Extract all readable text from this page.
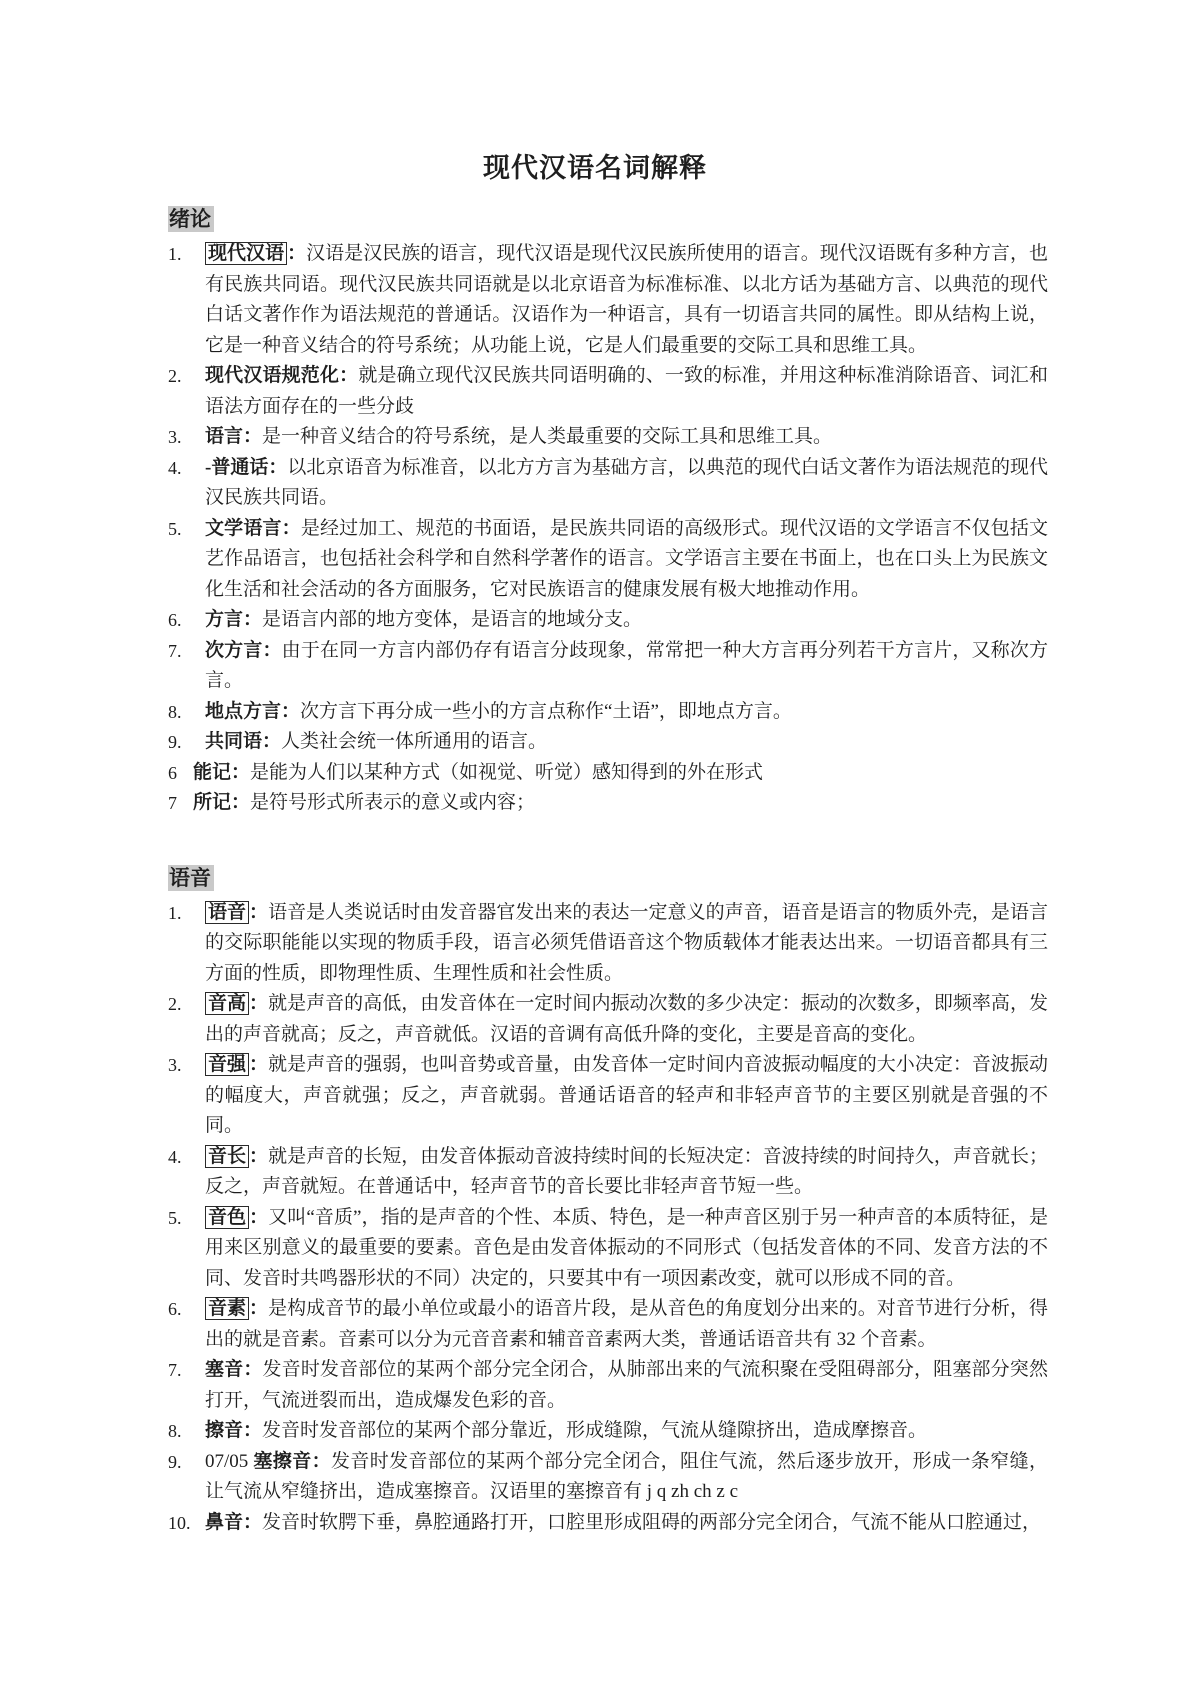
现代汉语名词解释
绪论
1.	现代汉语 ：汉语是汉民族的语言，现代汉语是现代汉民族所使用的语言。现代汉语既有多种方言，也有民族共同语。现代汉民族共同语就是以北京语音为标准标准、以北方话为基础方言、以典范的现代白话文著作作为语法规范的普通话。汉语作为一种语言，具有一切语言共同的属性。即从结构上说，它是一种音义结合的符号系统；从功能上说，它是人们最重要的交际工具和思维工具。
2.	现代汉语规范化：就是确立现代汉民族共同语明确的、一致的标准，并用这种标准消除语音、词汇和语法方面存在的一些分歧
3.	语言：是一种音义结合的符号系统，是人类最重要的交际工具和思维工具。
4.	-普通话：以北京语音为标准音，以北方方言为基础方言，以典范的现代白话文著作为语法规范的现代汉民族共同语。
5.	文学语言：是经过加工、规范的书面语，是民族共同语的高级形式。现代汉语的文学语言不仅包括文艺作品语言，也包括社会科学和自然科学著作的语言。文学语言主要在书面上，也在口头上为民族文化生活和社会活动的各方面服务，它对民族语言的健康发展有极大地推动作用。
6.	方言：是语言内部的地方变体，是语言的地域分支。
7.	次方言：由于在同一方言内部仍存有语言分歧现象，常常把一种大方言再分列若干方言片，又称次方言。
8.	地点方言：次方言下再分成一些小的方言点称作“土语”，即地点方言。
9.	共同语：人类社会统一体所通用的语言。
6 能记：是能为人们以某种方式（如视觉、听觉）感知得到的外在形式
7 所记：是符号形式所表示的意义或内容；
语音
1.	语音 ：语音是人类说话时由发音器官发出来的表达一定意义的声音，语音是语言的物质外壳，是语言的交际职能能以实现的物质手段，语言必须凭借语音这个物质载体才能表达出来。一切语音都具有三方面的性质，即物理性质、生理性质和社会性质。
2.	音高 ：就是声音的高低，由发音体在一定时间内振动次数的多少决定：振动的次数多，即频率高，发出的声音就高；反之，声音就低。汉语的音调有高低升降的变化，主要是音高的变化。
3.	音强 ：就是声音的强弱，也叫音势或音量，由发音体一定时间内音波振动幅度的大小决定：音波振动的幅度大，声音就强；反之，声音就弱。普通话语音的轻声和非轻声音节的主要区别就是音强的不同。
4.	音长 ：就是声音的长短，由发音体振动音波持续时间的长短决定：音波持续的时间持久，声音就长；反之，声音就短。在普通话中，轻声音节的音长要比非轻声音节短一些。
5.	音色 ：又叫“音质”，指的是声音的个性、本质、特色，是一种声音区别于另一种声音的本质特征，是用来区别意义的最重要的要素。音色是由发音体振动的不同形式（包括发音体的不同、发音方法的不同、发音时共鸣器形状的不同）决定的，只要其中有一项因素改变，就可以形成不同的音。
6.	音素 ：是构成音节的最小单位或最小的语音片段，是从音色的角度划分出来的。对音节进行分析，得出的就是音素。音素可以分为元音音素和辅音音素两大类，普通话语音共有 32 个音素。
7.	塞音：发音时发音部位的某两个部分完全闭合，从肺部出来的气流积聚在受阻碍部分，阻塞部分突然打开，气流迸裂而出，造成爆发色彩的音。
8.	擦音：发音时发音部位的某两个部分靠近，形成缝隙，气流从缝隙挤出，造成摩擦音。
9.	07/05 塞擦音：发音时发音部位的某两个部分完全闭合，阻住气流，然后逐步放开，形成一条窄缝，让气流从窄缝挤出，造成塞擦音。汉语里的塞擦音有 j q zh ch z c
10. 鼻音：发音时软腭下垂，鼻腔通路打开，口腔里形成阻碍的两部分完全闭合，气流不能从口腔通过，
